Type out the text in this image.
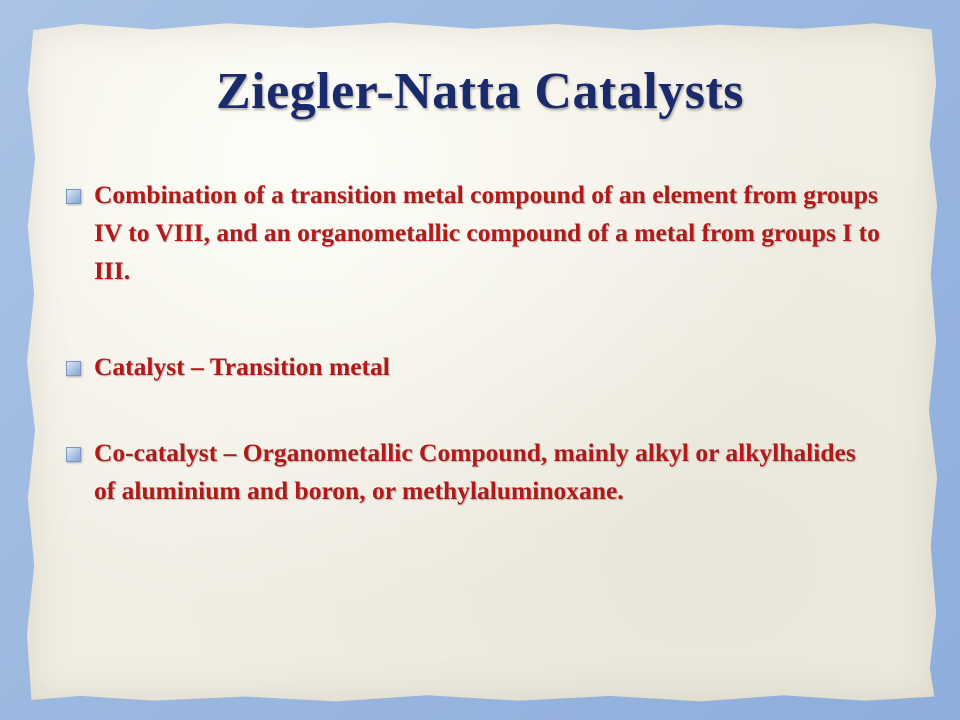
Ziegler-Natta Catalysts
Combination of a transition metal compound of an element from groups IV to VIII, and an organometallic compound of a metal from groups I to III.
Catalyst – Transition metal
Co-catalyst – Organometallic Compound, mainly alkyl or alkylhalides of aluminium and boron, or methylaluminoxane.
